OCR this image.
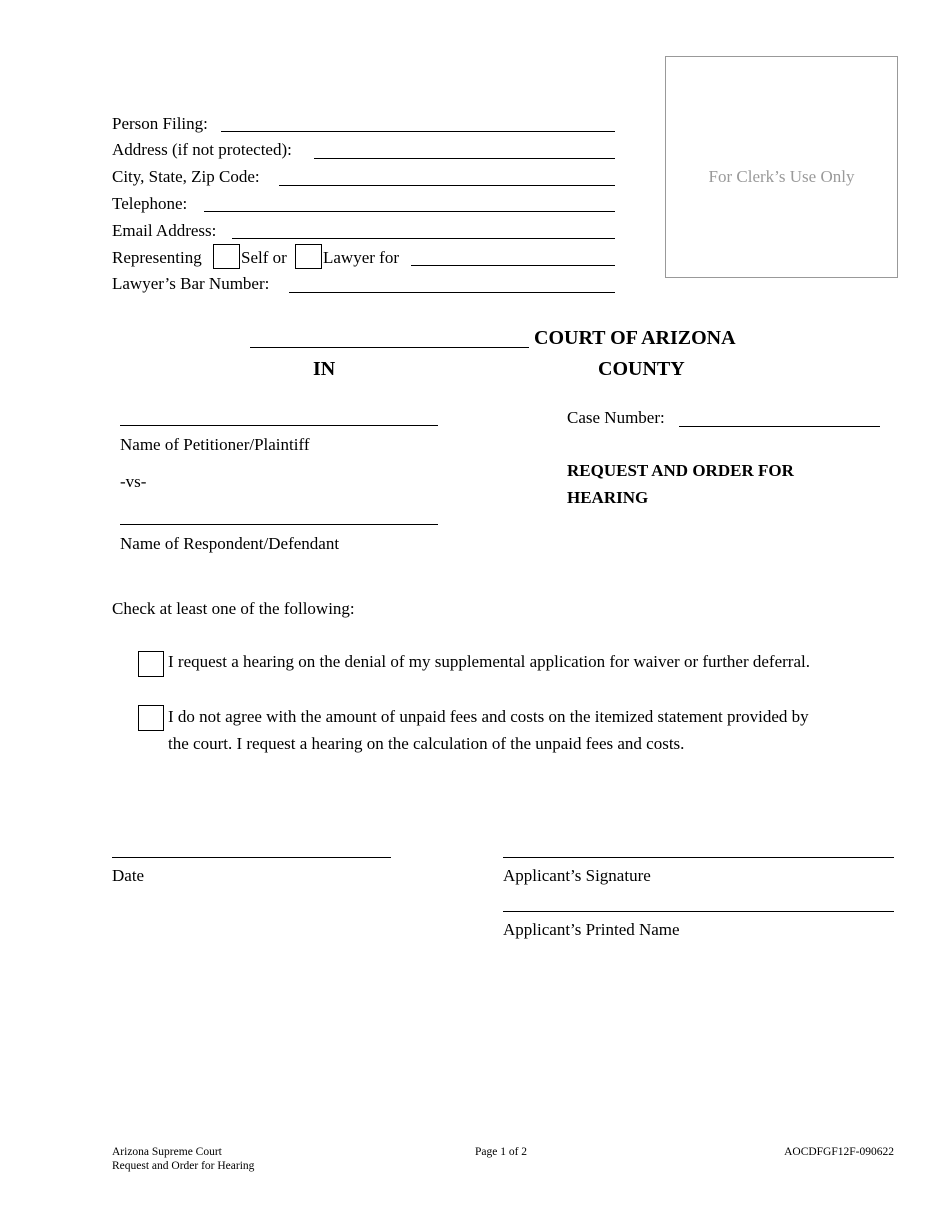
Person Filing:
Address (if not protected):
City, State, Zip Code:
Telephone:
Email Address:
Representing Self or Lawyer for
Lawyer’s Bar Number:
For Clerk’s Use Only
COURT OF ARIZONA
IN	COUNTY
Name of Petitioner/Plaintiff
-vs-
Name of Respondent/Defendant
Case Number:
REQUEST AND ORDER FOR
HEARING
Check at least one of the following:
I request a hearing on the denial of my supplemental application for waiver or further deferral.
I do not agree with the amount of unpaid fees and costs on the itemized statement provided by
the court. I request a hearing on the calculation of the unpaid fees and costs.
Date	Applicant’s Signature
Applicant’s Printed Name
Arizona Supreme Court
Request and Order for Hearing
Page 1 of 2	AOCDFGF12F-090622
